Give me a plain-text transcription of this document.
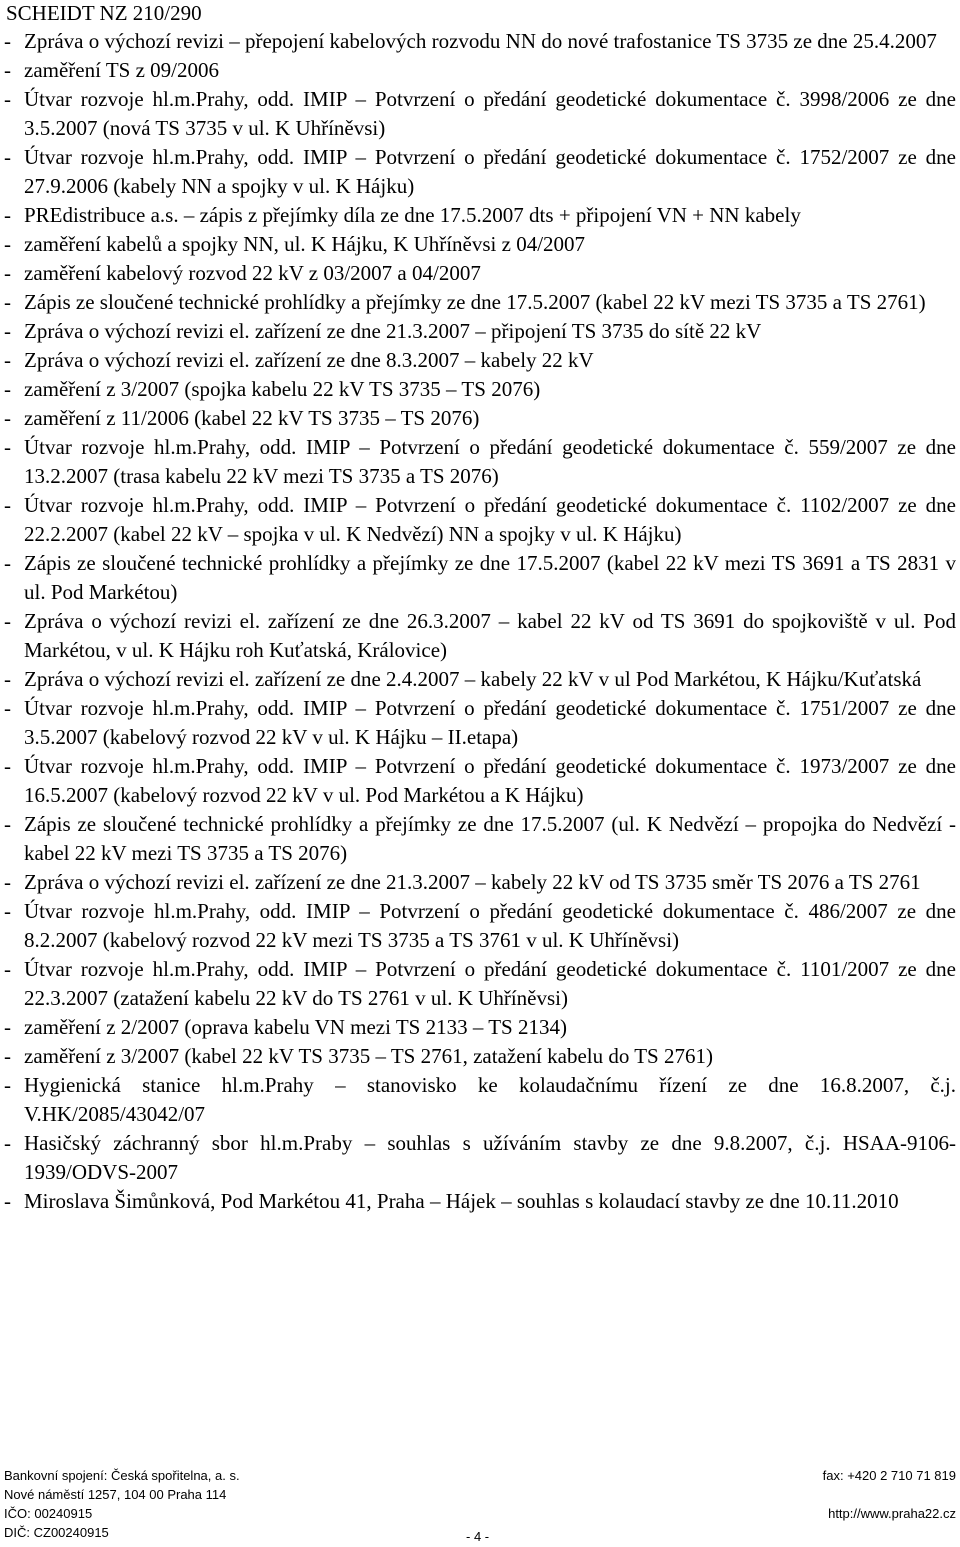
SCHEIDT NZ 210/290
- Zpráva o výchozí revizi – přepojení kabelových rozvodu NN do nové trafostanice TS 3735 ze dne 25.4.2007
- zaměření TS z 09/2006
- Útvar rozvoje hl.m.Prahy, odd. IMIP – Potvrzení o předání geodetické dokumentace č. 3998/2006 ze dne 3.5.2007 (nová TS 3735 v ul. K Uhříněvsi)
- Útvar rozvoje hl.m.Prahy, odd. IMIP – Potvrzení o předání geodetické dokumentace č. 1752/2007 ze dne 27.9.2006 (kabely NN a spojky v ul. K Hájku)
- PREdistribuce a.s. – zápis z přejímky díla ze dne 17.5.2007 dts + připojení VN + NN kabely
- zaměření kabelů a spojky NN, ul. K Hájku, K Uhříněvsi z 04/2007
- zaměření kabelový rozvod 22 kV z 03/2007 a 04/2007
- Zápis ze sloučené technické prohlídky a přejímky ze dne 17.5.2007 (kabel 22 kV mezi TS 3735 a TS 2761)
- Zpráva o výchozí revizi el. zařízení ze dne 21.3.2007 – připojení TS 3735 do sítě 22 kV
- Zpráva o výchozí revizi el. zařízení ze dne 8.3.2007 – kabely 22 kV
- zaměření z 3/2007 (spojka kabelu 22 kV TS 3735 – TS 2076)
- zaměření z 11/2006 (kabel 22 kV TS 3735 – TS 2076)
- Útvar rozvoje hl.m.Prahy, odd. IMIP – Potvrzení o předání geodetické dokumentace č. 559/2007 ze dne 13.2.2007 (trasa kabelu 22 kV mezi TS 3735 a TS 2076)
- Útvar rozvoje hl.m.Prahy, odd. IMIP – Potvrzení o předání geodetické dokumentace č. 1102/2007 ze dne 22.2.2007 (kabel 22 kV – spojka v ul. K Nedvězí) NN a spojky v ul. K Hájku)
- Zápis ze sloučené technické prohlídky a přejímky ze dne 17.5.2007 (kabel 22 kV mezi TS 3691 a TS 2831 v ul. Pod Markétou)
- Zpráva o výchozí revizi el. zařízení ze dne 26.3.2007 – kabel 22 kV od TS 3691 do spojkoviště v ul. Pod Markétou, v ul. K Hájku roh Kuťatská, Královice)
- Zpráva o výchozí revizi el. zařízení ze dne 2.4.2007 – kabely 22 kV v ul Pod Markétou, K Hájku/Kuťatská
- Útvar rozvoje hl.m.Prahy, odd. IMIP – Potvrzení o předání geodetické dokumentace č. 1751/2007 ze dne 3.5.2007 (kabelový rozvod 22 kV v ul. K Hájku – II.etapa)
- Útvar rozvoje hl.m.Prahy, odd. IMIP – Potvrzení o předání geodetické dokumentace č. 1973/2007 ze dne 16.5.2007 (kabelový rozvod 22 kV v ul. Pod Markétou a K Hájku)
- Zápis ze sloučené technické prohlídky a přejímky ze dne 17.5.2007 (ul. K Nedvězí – propojka do Nedvězí - kabel 22 kV mezi TS 3735 a TS 2076)
- Zpráva o výchozí revizi el. zařízení ze dne 21.3.2007 – kabely 22 kV od TS 3735 směr TS 2076 a TS 2761
- Útvar rozvoje hl.m.Prahy, odd. IMIP – Potvrzení o předání geodetické dokumentace č. 486/2007 ze dne 8.2.2007 (kabelový rozvod 22 kV mezi TS 3735 a TS 3761 v ul. K Uhříněvsi)
- Útvar rozvoje hl.m.Prahy, odd. IMIP – Potvrzení o předání geodetické dokumentace č. 1101/2007 ze dne 22.3.2007 (zatažení kabelu 22 kV do TS 2761 v ul. K Uhříněvsi)
- zaměření z 2/2007 (oprava kabelu VN mezi TS 2133 – TS 2134)
- zaměření z 3/2007 (kabel 22 kV TS 3735 – TS 2761, zatažení kabelu do TS 2761)
- Hygienická stanice hl.m.Prahy – stanovisko ke kolaudačnímu řízení ze dne 16.8.2007, č.j. V.HK/2085/43042/07
- Hasičský záchranný sbor hl.m.Praby – souhlas s užíváním stavby ze dne 9.8.2007, č.j. HSAA-9106-1939/ODVS-2007
- Miroslava Šimůnková, Pod Markétou 41, Praha – Hájek – souhlas s kolaudací stavby ze dne 10.11.2010
Bankovní spojení: Česká spořitelna, a. s.
Nové náměstí 1257, 104 00 Praha 114
IČO: 00240915
DIČ: CZ00240915
fax: +420 2 710 71 819

http://www.praha22.cz
- 4 -
